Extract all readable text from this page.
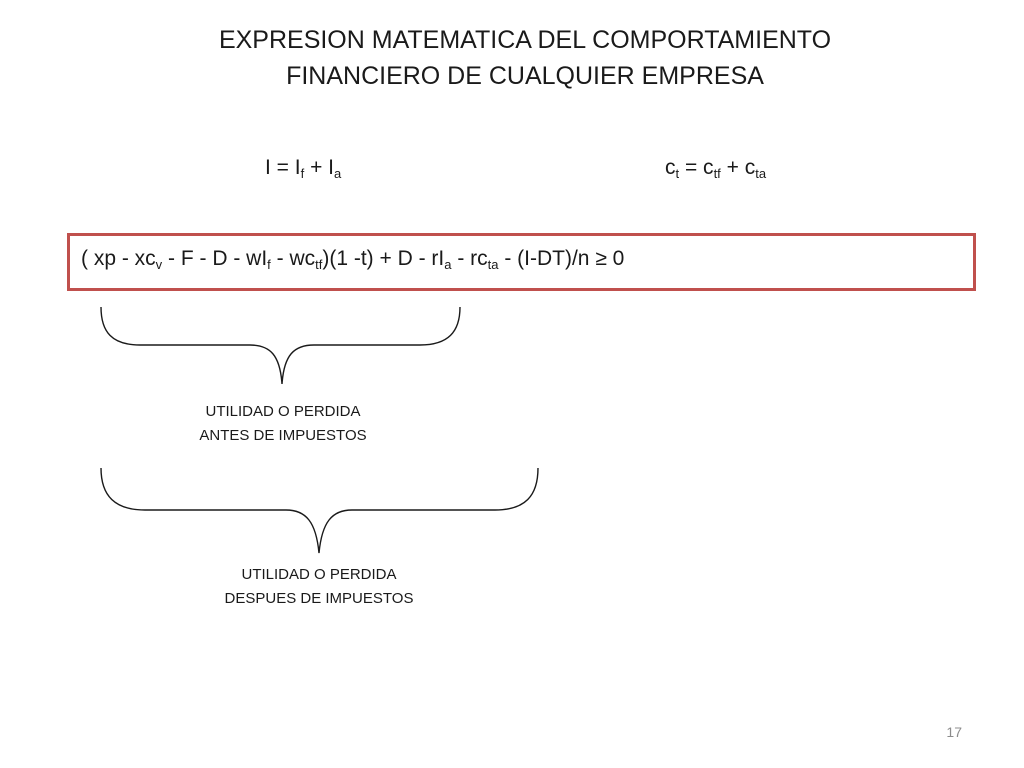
EXPRESION MATEMATICA DEL COMPORTAMIENTO
FINANCIERO DE CUALQUIER EMPRESA
$I = I_f + I_a$	$c_t = c_{tf} + c_{ta}$
( xp - $xc_v$ - F - D - $wI_f - wc_{tf})(1$ $-t) + D - rI_a - rc_{ta} - (I-DT)/n \ge 0$
UTILIDAD O PERDIDA
ANTES DE IMPUESTOS
UTILIDAD O PERDIDA
DESPUES DE IMPUESTOS
17
